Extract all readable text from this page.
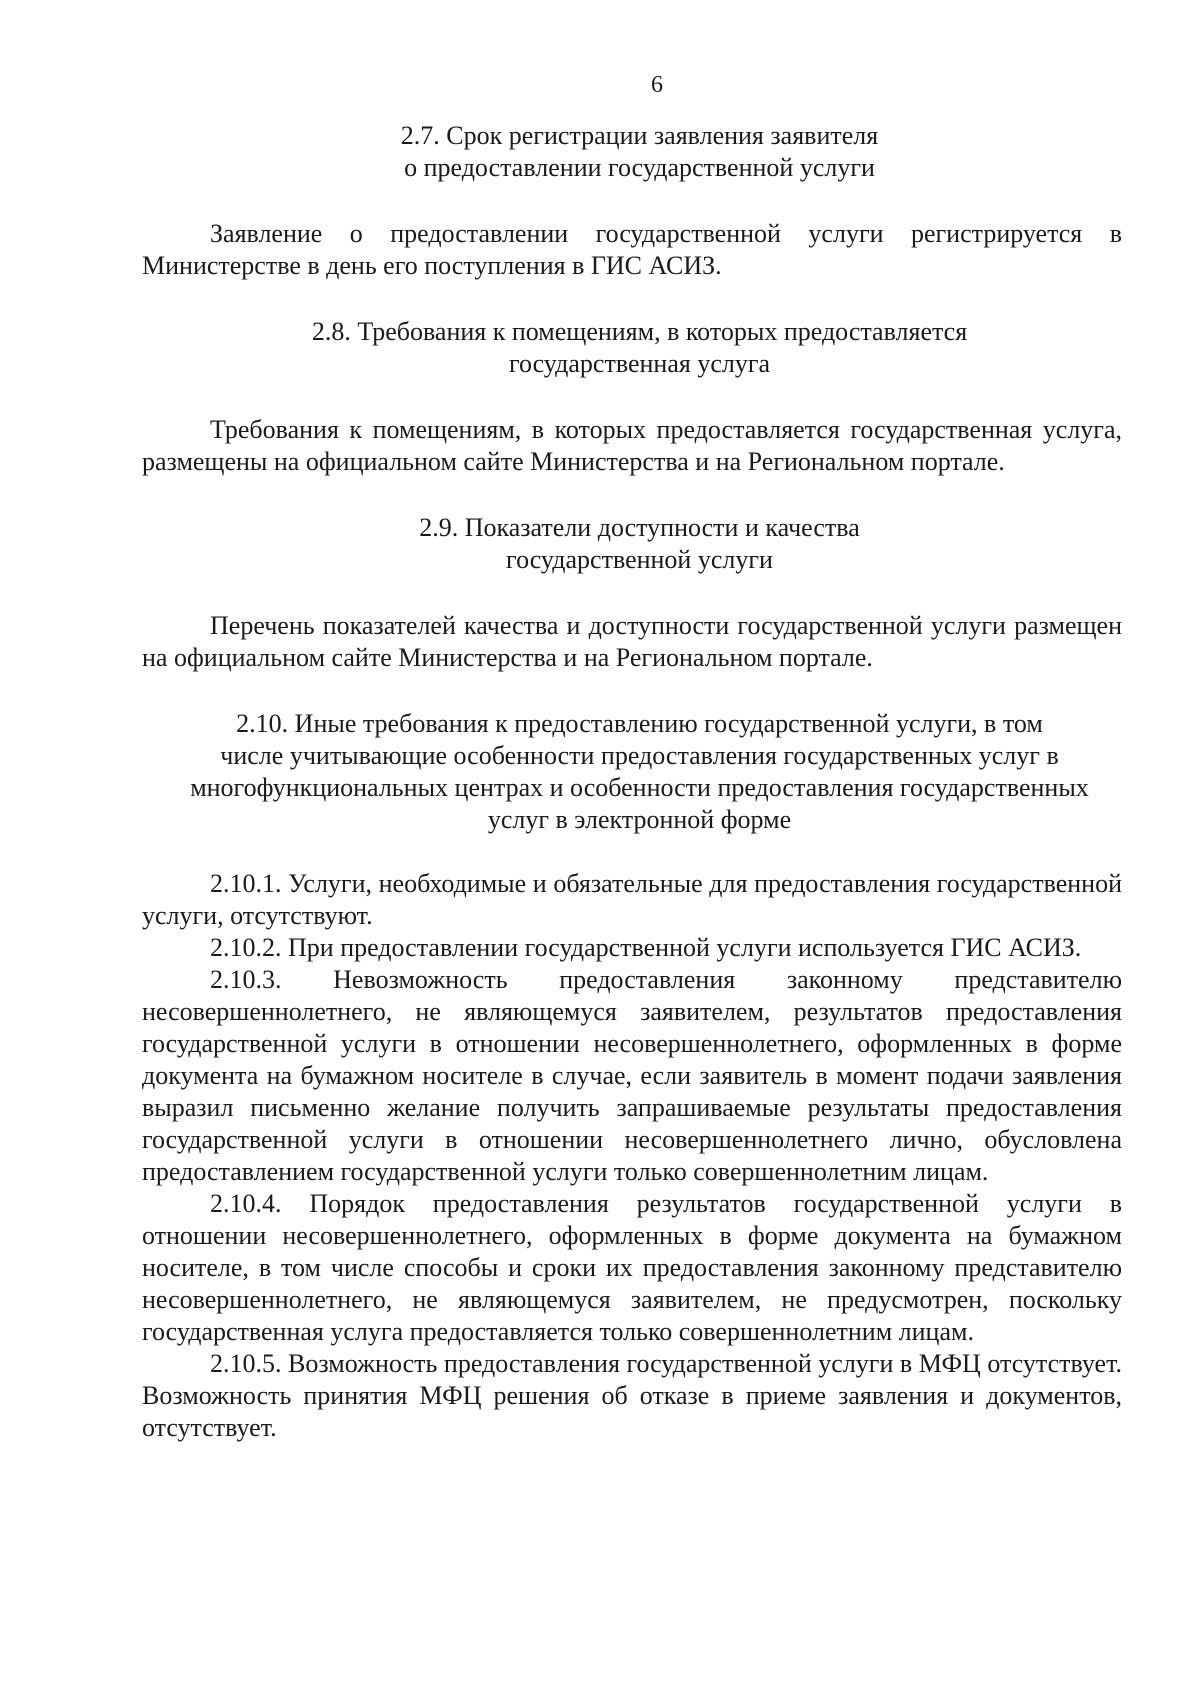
6
2.7. Срок регистрации заявления заявителя
о предоставлении государственной услуги

Заявление о предоставлении государственной услуги регистрируется в Министерстве в день его поступления в ГИС АСИЗ.

2.8. Требования к помещениям, в которых предоставляется
государственная услуга

Требования к помещениям, в которых предоставляется государственная услуга, размещены на официальном сайте Министерства и на Региональном портале.

2.9. Показатели доступности и качества
государственной услуги

Перечень показателей качества и доступности государственной услуги размещен на официальном сайте Министерства и на Региональном портале.

2.10. Иные требования к предоставлению государственной услуги, в том
числе учитывающие особенности предоставления государственных услуг в
многофункциональных центрах и особенности предоставления государственных
услуг в электронной форме

2.10.1. Услуги, необходимые и обязательные для предоставления государственной услуги, отсутствуют.

2.10.2. При предоставлении государственной услуги используется ГИС АСИЗ.

2.10.3. Невозможность предоставления законному представителю несовершеннолетнего, не являющемуся заявителем, результатов предоставления государственной услуги в отношении несовершеннолетнего, оформленных в форме документа на бумажном носителе в случае, если заявитель в момент подачи заявления выразил письменно желание получить запрашиваемые результаты предоставления государственной услуги в отношении несовершеннолетнего лично, обусловлена предоставлением государственной услуги только совершеннолетним лицам.

2.10.4. Порядок предоставления результатов государственной услуги в отношении несовершеннолетнего, оформленных в форме документа на бумажном носителе, в том числе способы и сроки их предоставления законному представителю несовершеннолетнего, не являющемуся заявителем, не предусмотрен, поскольку государственная услуга предоставляется только совершеннолетним лицам.

2.10.5. Возможность предоставления государственной услуги в МФЦ отсутствует. Возможность принятия МФЦ решения об отказе в приеме заявления и документов, отсутствует.
